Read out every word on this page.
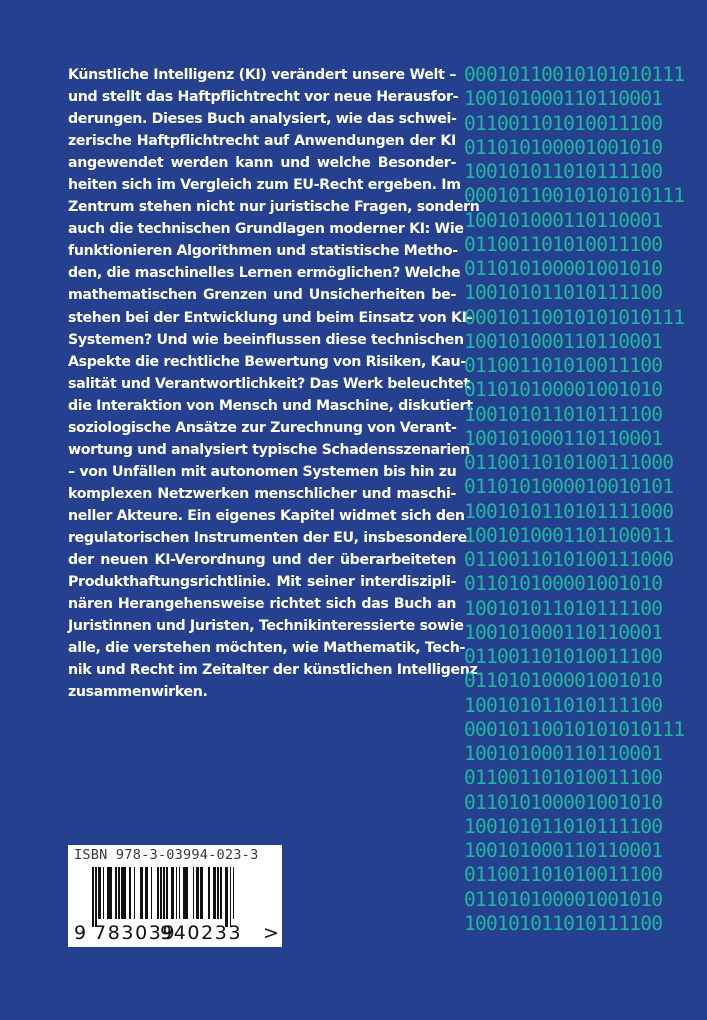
Künstliche Intelligenz (KI) verändert unsere Welt –
und stellt das Haftpflichtrecht vor neue Herausfor-
derungen. Dieses Buch analysiert, wie das schwei-
zerische Haftpflichtrecht auf Anwendungen der KI
angewendet werden kann und welche Besonder-
heiten sich im Vergleich zum EU-Recht ergeben. Im
Zentrum stehen nicht nur juristische Fragen, sondern
auch die technischen Grundlagen moderner KI: Wie
funktionieren Algorithmen und statistische Metho-
den, die maschinelles Lernen ermöglichen? Welche
mathematischen Grenzen und Unsicherheiten be-
stehen bei der Entwicklung und beim Einsatz von KI-
Systemen? Und wie beeinflussen diese technischen
Aspekte die rechtliche Bewertung von Risiken, Kau-
salität und Verantwortlichkeit? Das Werk beleuchtet
die Interaktion von Mensch und Maschine, diskutiert
soziologische Ansätze zur Zurechnung von Verant-
wortung und analysiert typische Schadensszenarien
– von Unfällen mit autonomen Systemen bis hin zu
komplexen Netzwerken menschlicher und maschi-
neller Akteure. Ein eigenes Kapitel widmet sich den
regulatorischen Instrumenten der EU, insbesondere
der neuen KI-Verordnung und der überarbeiteten
Produkthaftungsrichtlinie. Mit seiner interdiszipli-
nären Herangehensweise richtet sich das Buch an
Juristinnen und Juristen, Technikinteressierte sowie
alle, die verstehen möchten, wie Mathematik, Tech-
nik und Recht im Zeitalter der künstlichen Intelligenz
zusammenwirken.
00010110010101010111
100101000110110001
011001101010011100
011010100001001010
100101011010111100
00010110010101010111
100101000110110001
011001101010011100
011010100001001010
100101011010111100
00010110010101010111
100101000110110001
011001101010011100
011010100001001010
100101011010111100
100101000110110001
0110011010100111000
0110101000010010101
1001010110101111000
1001010001101100011
0110011010100111000
011010100001001010
100101011010111100
100101000110110001
011001101010011100
011010100001001010
100101011010111100
00010110010101010111
100101000110110001
011001101010011100
011010100001001010
100101011010111100
100101000110110001
011001101010011100
011010100001001010
100101011010111100
ISBN 978-3-03994-023-3
9 783039
940233 >
